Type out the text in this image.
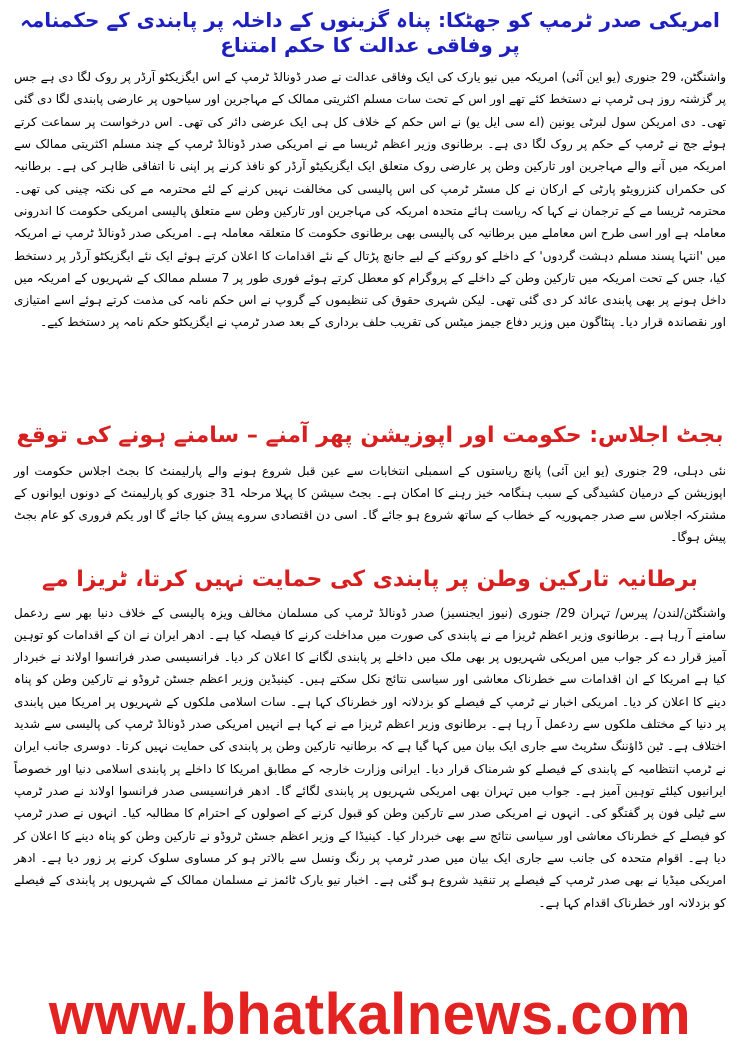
امریکی صدر ٹرمپ کو جھٹکا: پناہ گزینوں کے داخلہ پر پابندی کے حکمنامہ پر وفاقی عدالت کا حکم امتناع

واشنگٹن، 29 جنوری (یو این آئی) امریکہ میں نیو یارک کی ایک وفاقی عدالت نے صدر ڈونالڈ ٹرمپ کے اس ایگزیکٹو آرڈر پر روک لگا دی ہے جس پر گزشتہ روز ہی ٹرمپ نے دستخط کئے تھے اور اس کے تحت سات مسلم اکثریتی ممالک کے مہاجرین اور سیاحوں پر عارضی پابندی لگا دی گئی تھی۔ دی امریکن سول لبرٹی یونین (اے سی ایل یو) نے اس حکم کے خلاف کل ہی ایک عرضی دائر کی تھی۔ اس درخواست پر سماعت کرتے ہوئے جج نے ٹرمپ کے حکم پر روک لگا دی ہے۔ برطانوی وزیر اعظم ٹریسا مے نے امریکی صدر ڈونالڈ ٹرمپ کے چند مسلم اکثریتی ممالک سے امریکہ میں آنے والے مہاجرین اور تارکین وطن پر عارضی روک متعلق ایک ایگزیکیٹو آرڈر کو نافذ کرنے پر اپنی نا اتفاقی ظاہر کی ہے۔ برطانیہ کی حکمراں کنزرویٹو پارٹی کے ارکان نے کل مسٹر ٹرمپ کی اس پالیسی کی مخالفت نہیں کرنے کے لئے محترمہ مے کی نکتہ چینی کی تھی۔ محترمہ ٹریسا مے کے ترجمان نے کہا کہ ریاست ہائے متحدہ امریکہ کی مہاجرین اور تارکین وطن سے متعلق پالیسی امریکی حکومت کا اندرونی معاملہ ہے اور اسی طرح اس معاملے میں برطانیہ کی پالیسی بھی برطانوی حکومت کا متعلقہ معاملہ ہے۔ امریکی صدر ڈونالڈ ٹرمپ نے امریکہ میں 'انتہا پسند مسلم دہشت گردوں' کے داخلے کو روکنے کے لیے جانچ پڑتال کے نئے اقدامات کا اعلان کرتے ہوئے ایک نئے ایگزیکٹو آرڈر پر دستخط کیا، جس کے تحت امریکہ میں تارکین وطن کے داخلے کے پروگرام کو معطل کرتے ہوئے فوری طور پر 7 مسلم ممالک کے شہریوں کے امریکہ میں داخل ہونے پر بھی پابندی عائد کر دی گئی تھی۔ لیکن شہری حقوق کی تنظیموں کے گروپ نے اس حکم نامہ کی مذمت کرتے ہوئے اسے امتیازی اور نقصاندہ قرار دیا۔ پنٹاگون میں وزیر دفاع جیمز میٹس کی تقریب حلف برداری کے بعد صدر ٹرمپ نے ایگزیکٹو حکم نامہ پر دستخط کیے۔

بجٹ اجلاس: حکومت اور اپوزیشن پھر آمنے – سامنے ہونے کی توقع

نئی دہلی، 29 جنوری (یو این آئی) پانچ ریاستوں کے اسمبلی انتخابات سے عین قبل شروع ہونے والے پارلیمنٹ کا بجٹ اجلاس حکومت اور اپوزیشن کے درمیان کشیدگی کے سبب ہنگامہ خیز رہنے کا امکان ہے۔ بجٹ سیشن کا پہلا مرحلہ 31 جنوری کو پارلیمنٹ کے دونوں ایوانوں کے مشترکہ اجلاس سے صدر جمہوریہ کے خطاب کے ساتھ شروع ہو جائے گا۔ اسی دن اقتصادی سروے پیش کیا جائے گا اور یکم فروری کو عام بجٹ پیش ہوگا۔

برطانیہ تارکین وطن پر پابندی کی حمایت نہیں کرتا، ٹریزا مے

واشنگٹن/لندن/ پیرس/ تہران 29/ جنوری (نیوز ایجنسیز) صدر ڈونالڈ ٹرمپ کی مسلمان مخالف ویزہ پالیسی کے خلاف دنیا بھر سے ردعمل سامنے آ رہا ہے۔ برطانوی وزیر اعظم ٹریزا مے نے پابندی کی صورت میں مداخلت کرنے کا فیصلہ کیا ہے۔ ادھر ایران نے ان کے اقدامات کو توہین آمیز قرار دے کر جواب میں امریکی شہریوں پر بھی ملک میں داخلے پر پابندی لگانے کا اعلان کر دیا۔ فرانسیسی صدر فرانسوا اولاند نے خبردار کیا ہے امریکا کے ان اقدامات سے خطرناک معاشی اور سیاسی نتائج نکل سکتے ہیں۔ کینیڈین وزیر اعظم جسٹن ٹروڈو نے تارکین وطن کو پناہ دینے کا اعلان کر دیا۔ امریکی اخبار نے ٹرمپ کے فیصلے کو بزدلانہ اور خطرناک کہا ہے۔ سات اسلامی ملکوں کے شہریوں پر امریکا میں پابندی پر دنیا کے مختلف ملکوں سے ردعمل آ رہا ہے۔ برطانوی وزیر اعظم ٹریزا مے نے کہا ہے انہیں امریکی صدر ڈونالڈ ٹرمپ کی پالیسی سے شدید اختلاف ہے۔ ٹین ڈاؤننگ سٹریٹ سے جاری ایک بیان میں کہا گیا ہے کہ برطانیہ تارکین وطن پر پابندی کی حمایت نہیں کرتا۔ دوسری جانب ایران نے ٹرمپ انتظامیہ کے پابندی کے فیصلے کو شرمناک قرار دیا۔ ایرانی وزارت خارجہ کے مطابق امریکا کا داخلے پر پابندی اسلامی دنیا اور خصوصاً ایرانیوں کیلئے توہین آمیز ہے۔ جواب میں تہران بھی امریکی شہریوں پر پابندی لگائے گا۔ ادھر فرانسیسی صدر فرانسوا اولاند نے صدر ٹرمپ سے ٹیلی فون پر گفتگو کی۔ انہوں نے امریکی صدر سے تارکین وطن کو قبول کرنے کے اصولوں کے احترام کا مطالبہ کیا۔ انہوں نے صدر ٹرمپ کو فیصلے کے خطرناک معاشی اور سیاسی نتائج سے بھی خبردار کیا۔ کینیڈا کے وزیر اعظم جسٹن ٹروڈو نے تارکین وطن کو پناہ دینے کا اعلان کر دیا ہے۔ اقوام متحدہ کی جانب سے جاری ایک بیان میں صدر ٹرمپ پر رنگ ونسل سے بالاتر ہو کر مساوی سلوک کرنے پر زور دیا ہے۔ ادھر امریکی میڈیا نے بھی صدر ٹرمپ کے فیصلے پر تنقید شروع ہو گئی ہے۔ اخبار نیو یارک ٹائمز نے مسلمان ممالک کے شہریوں پر پابندی کے فیصلے کو بزدلانہ اور خطرناک اقدام کہا ہے۔

www.bhatkalnews.com
